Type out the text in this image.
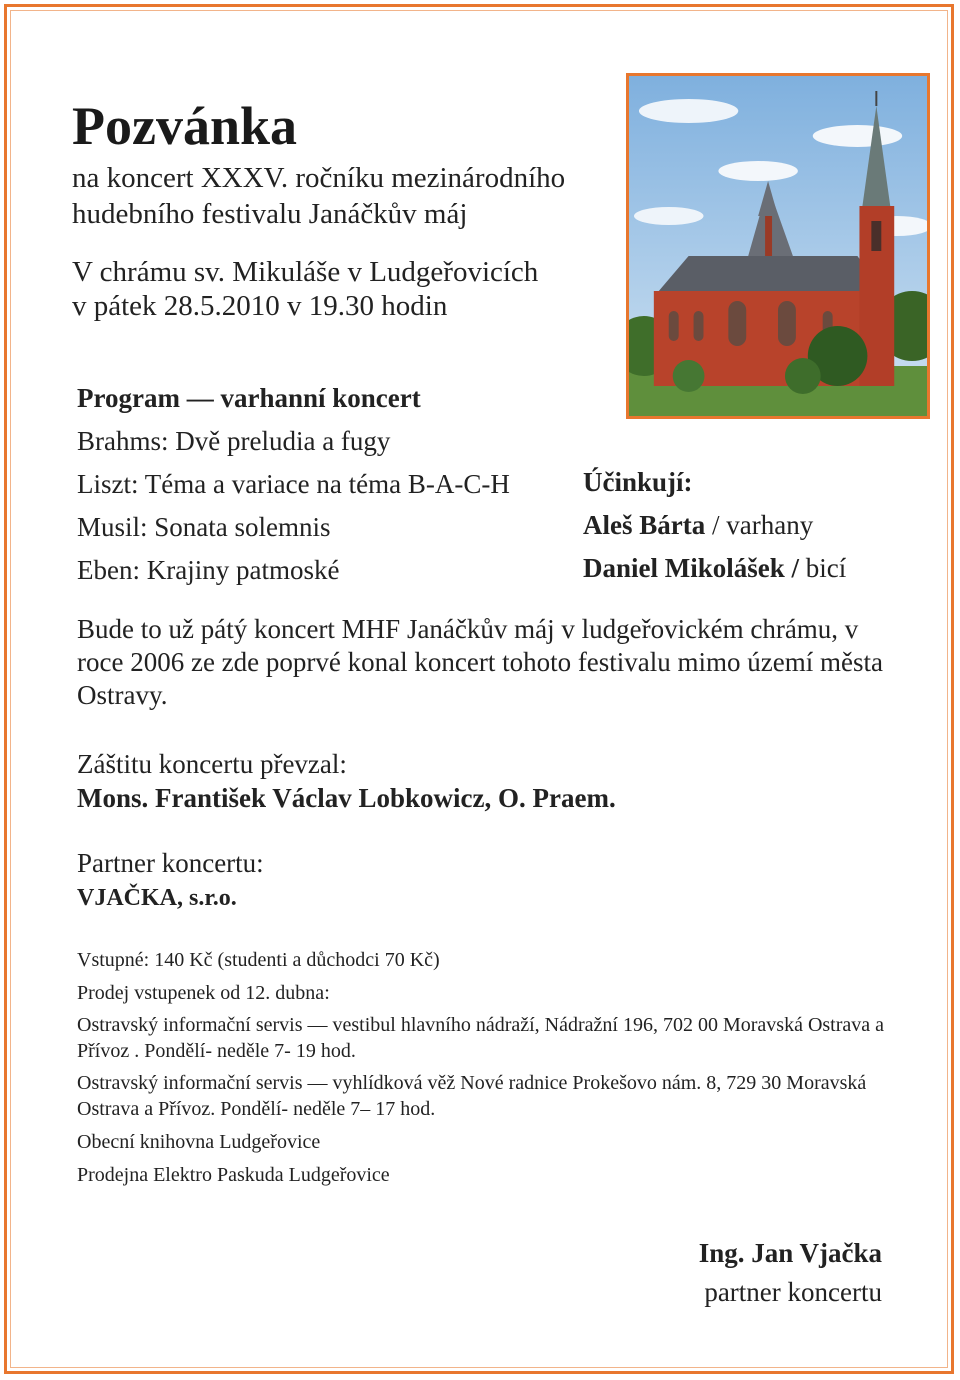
Pozvánka

na koncert XXXV. ročníku mezinárodního

hudebního festivalu Janáčkův máj

V chrámu sv. Mikuláše v Ludgeřovicích

v pátek 28.5.2010 v 19.30 hodin

Program — varhanní koncert

Brahms: Dvě preludia a fugy

Liszt: Téma a variace na téma B-A-C-H

Musil: Sonata solemnis

Eben: Krajiny patmoské

Účinkují:

Aleš Bárta / varhany

Daniel Mikolášek / bicí

Bude to už pátý koncert MHF Janáčkův máj v ludgeřovickém chrámu, v roce 2006 ze zde poprvé konal koncert tohoto festivalu mimo území města Ostravy.

Záštitu koncertu převzal:

Mons. František Václav Lobkowicz, O. Praem.

Partner koncertu:

VJAČKA, s.r.o.

Vstupné: 140 Kč (studenti a důchodci 70 Kč)

Prodej vstupenek od 12. dubna:

Ostravský informační servis — vestibul hlavního nádraží, Nádražní 196, 702 00 Moravská Ostrava a Přívoz . Pondělí- neděle 7- 19 hod.

Ostravský informační servis — vyhlídková věž Nové radnice Prokešovo nám. 8, 729 30 Moravská Ostrava a Přívoz. Pondělí- neděle 7– 17 hod.

Obecní knihovna Ludgeřovice

Prodejna Elektro Paskuda Ludgeřovice

Ing. Jan Vjačka

partner koncertu
